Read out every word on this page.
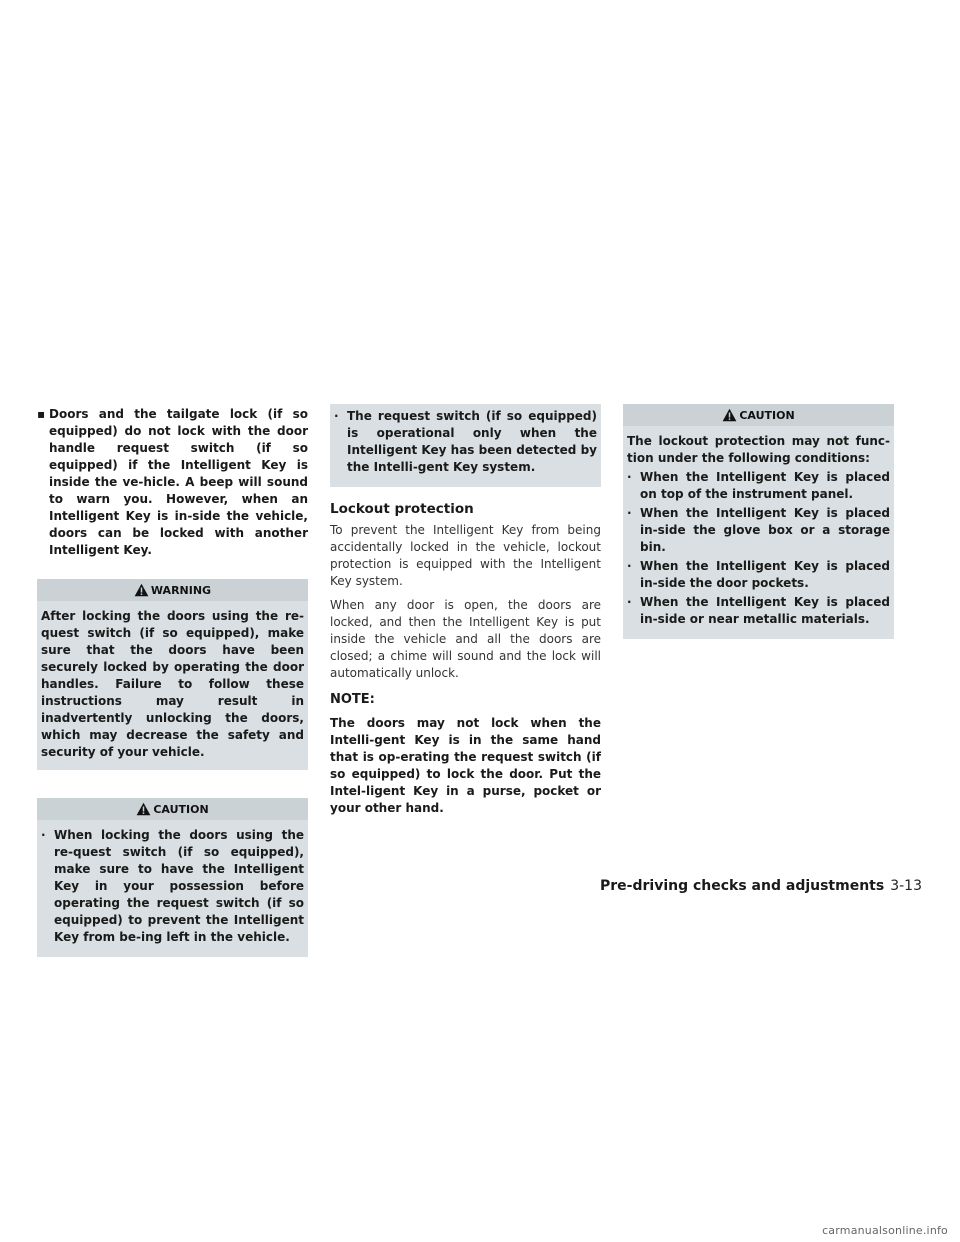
▪ Doors and the tailgate lock (if so equipped) do not lock with the door handle request switch (if so equipped) if the Intelligent Key is inside the ve-hicle. A beep will sound to warn you. However, when an Intelligent Key is in-side the vehicle, doors can be locked with another Intelligent Key.

WARNING

After locking the doors using the re-quest switch (if so equipped), make sure that the doors have been securely locked by operating the door handles. Failure to follow these instructions may result in inadvertently unlocking the doors, which may decrease the safety and security of your vehicle.

CAUTION

· When locking the doors using the re-quest switch (if so equipped), make sure to have the Intelligent Key in your possession before operating the request switch (if so equipped) to prevent the Intelligent Key from be-ing left in the vehicle.

· The request switch (if so equipped) is operational only when the Intelligent Key has been detected by the Intelli-gent Key system.

Lockout protection

To prevent the Intelligent Key from being accidentally locked in the vehicle, lockout protection is equipped with the Intelligent Key system.

When any door is open, the doors are locked, and then the Intelligent Key is put inside the vehicle and all the doors are closed; a chime will sound and the lock will automatically unlock.

NOTE:

The doors may not lock when the Intelli-gent Key is in the same hand that is op-erating the request switch (if so equipped) to lock the door. Put the Intel-ligent Key in a purse, pocket or your other hand.

CAUTION

The lockout protection may not func-tion under the following conditions:

· When the Intelligent Key is placed on top of the instrument panel.

· When the Intelligent Key is placed in-side the glove box or a storage bin.

· When the Intelligent Key is placed in-side the door pockets.

· When the Intelligent Key is placed in-side or near metallic materials.

Pre-driving checks and adjustments 3-13
carmanualsonline.info
